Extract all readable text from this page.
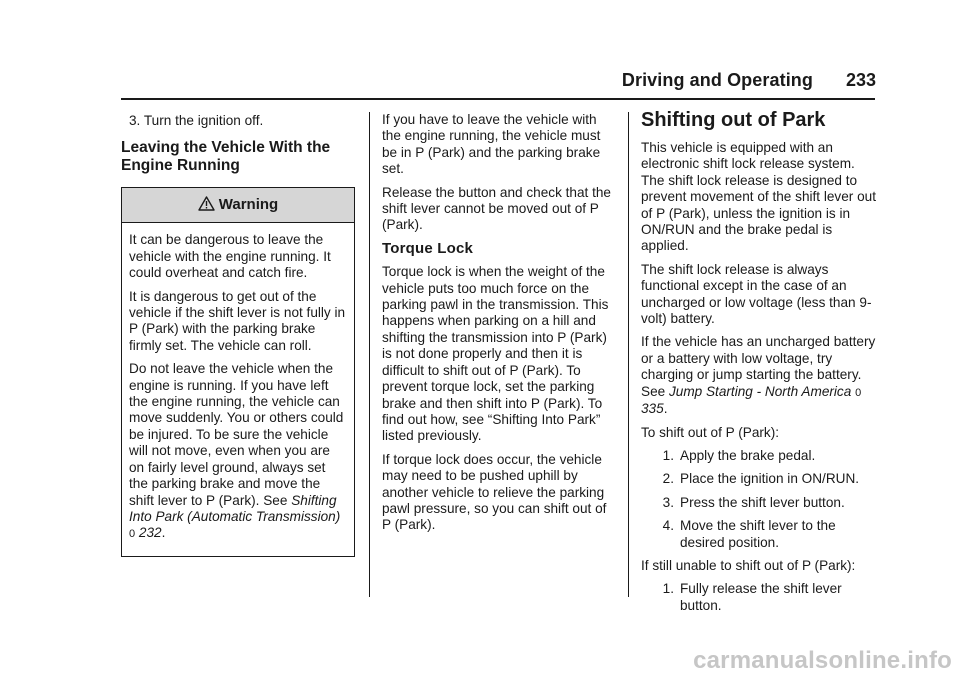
Driving and Operating	233

3. Turn the ignition off.

Leaving the Vehicle With the
Engine Running
Warning

It can be dangerous to leave the vehicle with the engine running. It could overheat and catch fire.

It is dangerous to get out of the vehicle if the shift lever is not fully in P (Park) with the parking brake firmly set. The vehicle can roll.

Do not leave the vehicle when the engine is running. If you have left the engine running, the vehicle can move suddenly. You or others could be injured. To be sure the vehicle will not move, even when you are on fairly level ground, always set the parking brake and move the shift lever to P (Park). See Shifting Into Park (Automatic Transmission) 0 232.

If you have to leave the vehicle with the engine running, the vehicle must be in P (Park) and the parking brake set.

Release the button and check that the shift lever cannot be moved out of P (Park).

Torque Lock

Torque lock is when the weight of the vehicle puts too much force on the parking pawl in the transmission. This happens when parking on a hill and shifting the transmission into P (Park) is not done properly and then it is difficult to shift out of P (Park). To prevent torque lock, set the parking brake and then shift into P (Park). To find out how, see “Shifting Into Park” listed previously.

If torque lock does occur, the vehicle may need to be pushed uphill by another vehicle to relieve the parking pawl pressure, so you can shift out of P (Park).

Shifting out of Park

This vehicle is equipped with an electronic shift lock release system. The shift lock release is designed to prevent movement of the shift lever out of P (Park), unless the ignition is in ON/RUN and the brake pedal is applied.

The shift lock release is always functional except in the case of an uncharged or low voltage (less than 9-volt) battery.

If the vehicle has an uncharged battery or a battery with low voltage, try charging or jump starting the battery. See Jump Starting - North America 0 335.

To shift out of P (Park):

1. Apply the brake pedal.
2. Place the ignition in ON/RUN.
3. Press the shift lever button.
4. Move the shift lever to the desired position.

If still unable to shift out of P (Park):

1. Fully release the shift lever button.
carmanualsonline.info
